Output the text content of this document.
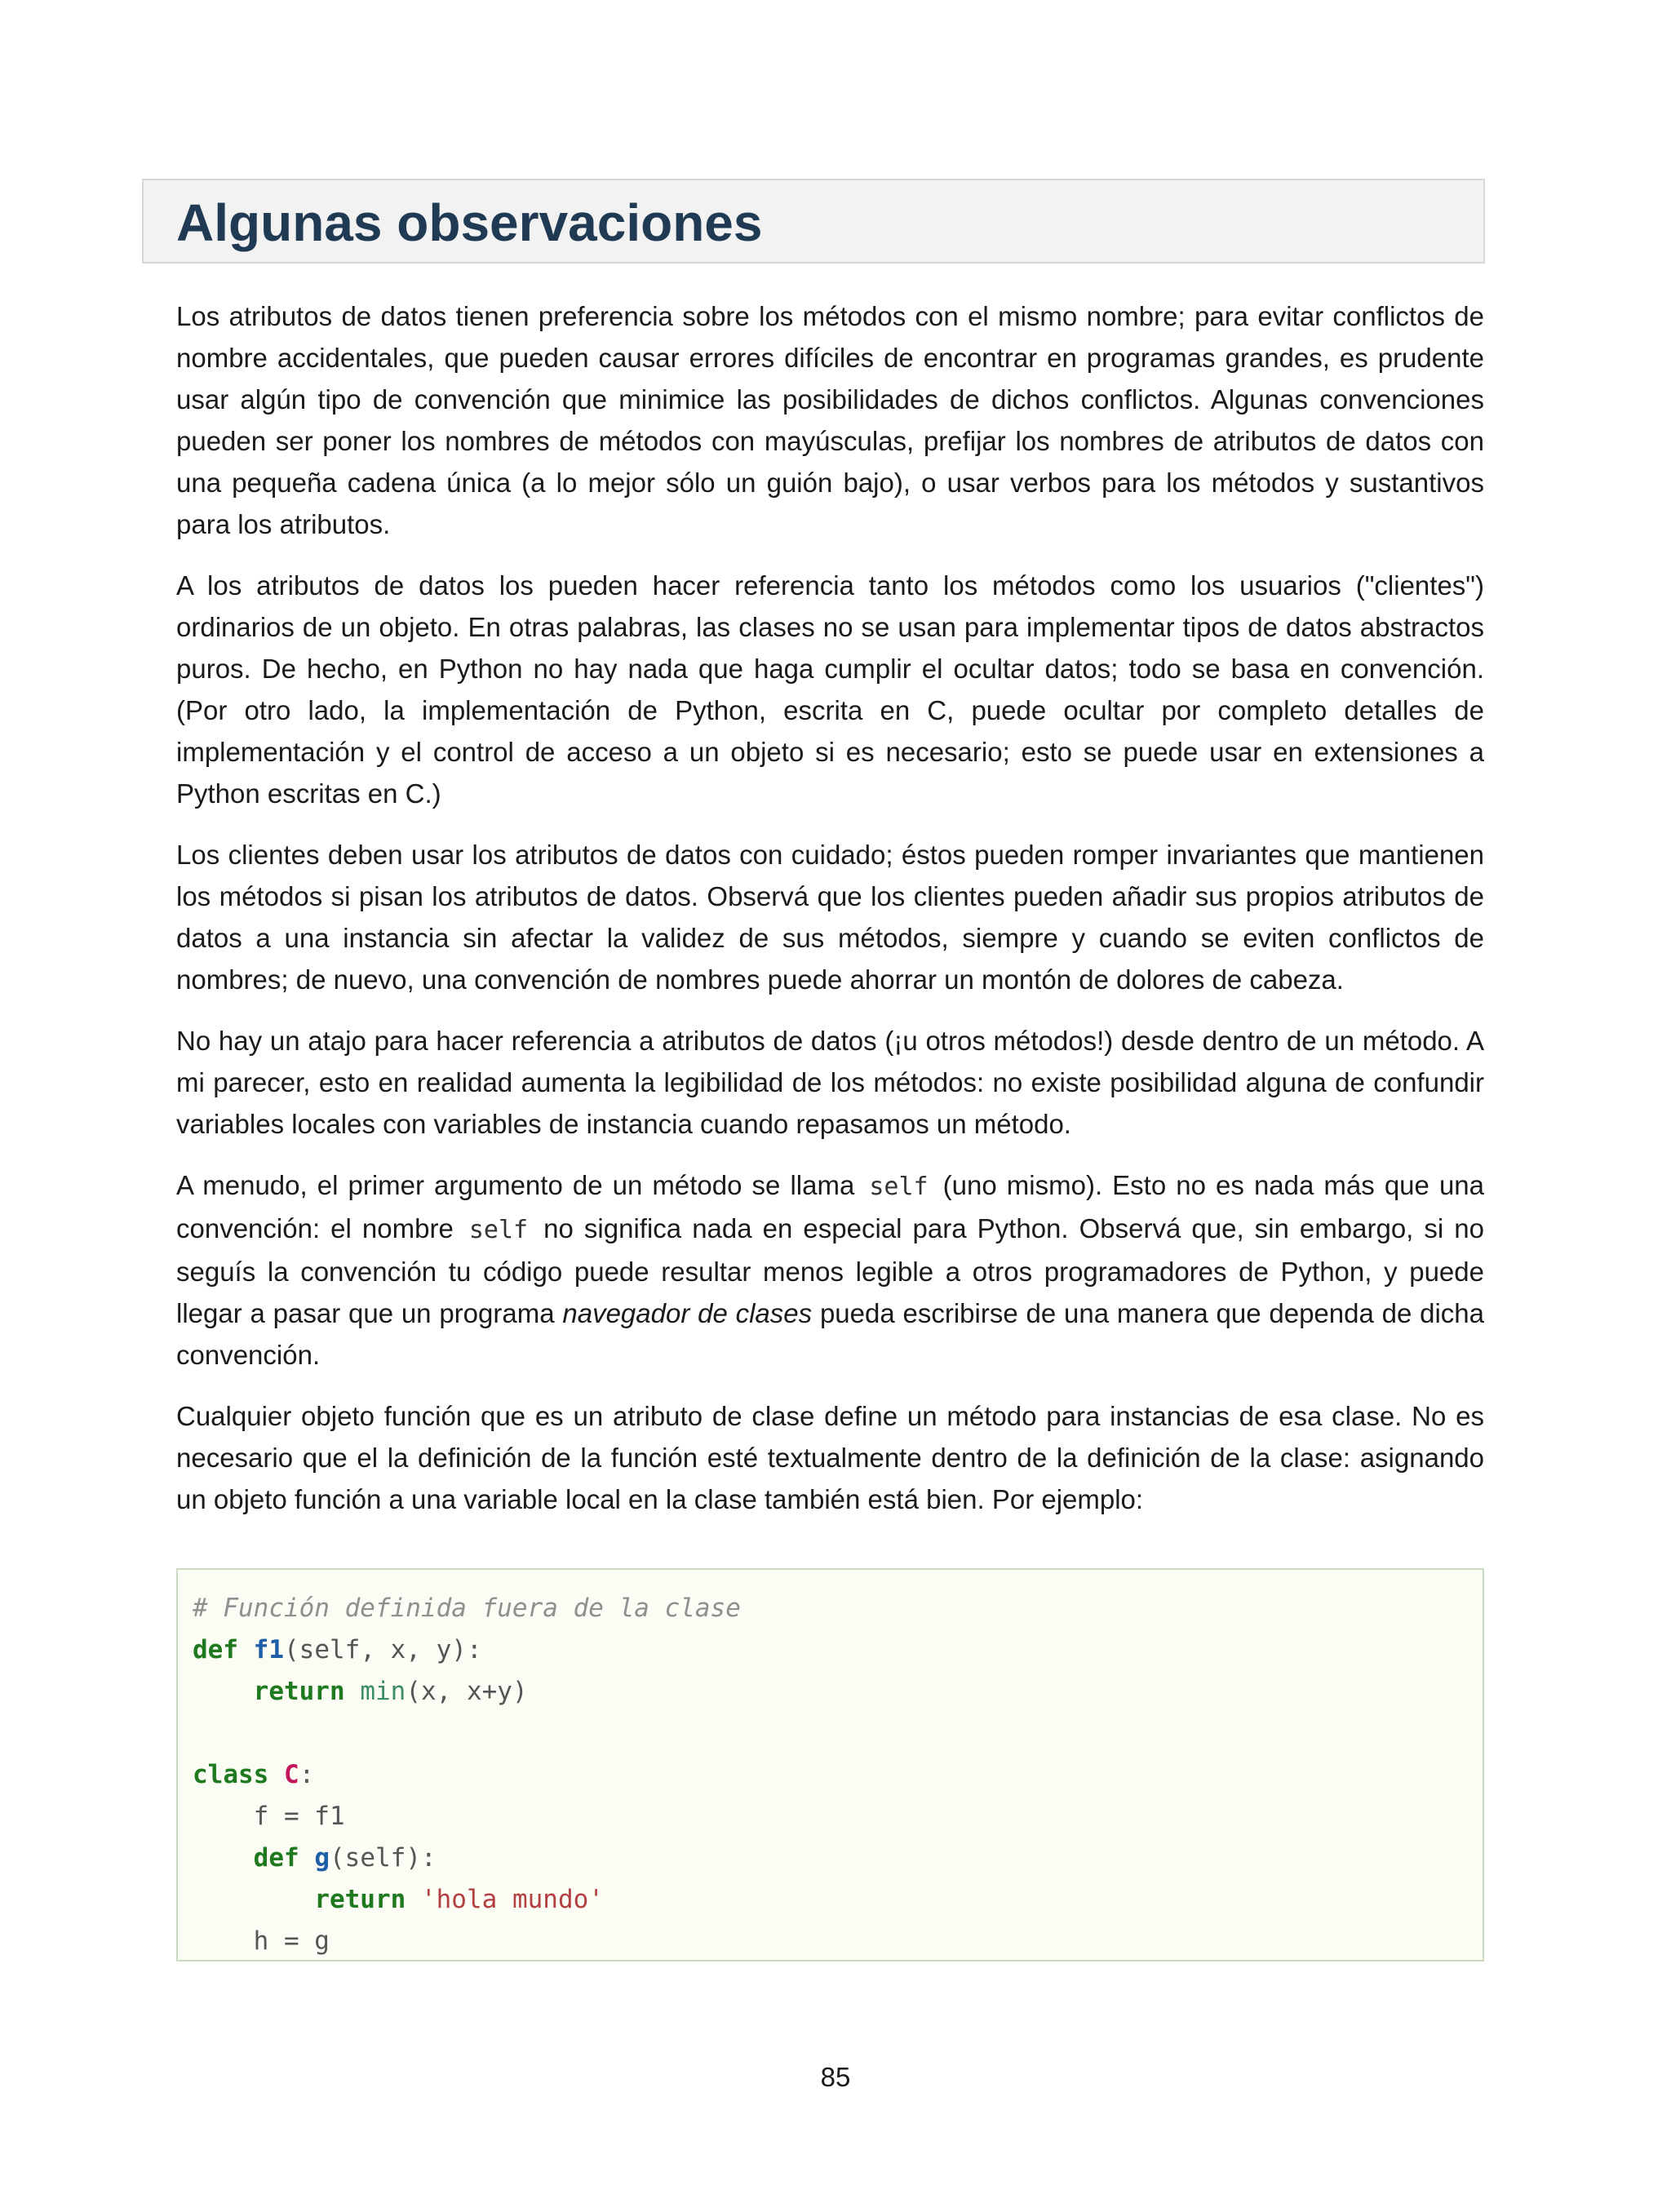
Algunas observaciones

Los atributos de datos tienen preferencia sobre los métodos con el mismo nombre; para evitar conflictos de nombre accidentales, que pueden causar errores difíciles de encontrar en programas grandes, es prudente usar algún tipo de convención que minimice las posibilidades de dichos conflictos. Algunas convenciones pueden ser poner los nombres de métodos con mayúsculas, prefijar los nombres de atributos de datos con una pequeña cadena única (a lo mejor sólo un guión bajo), o usar verbos para los métodos y sustantivos para los atributos.

A los atributos de datos los pueden hacer referencia tanto los métodos como los usuarios ("clientes") ordinarios de un objeto. En otras palabras, las clases no se usan para implementar tipos de datos abstractos puros. De hecho, en Python no hay nada que haga cumplir el ocultar datos; todo se basa en convención. (Por otro lado, la implementación de Python, escrita en C, puede ocultar por completo detalles de implementación y el control de acceso a un objeto si es necesario; esto se puede usar en extensiones a Python escritas en C.)

Los clientes deben usar los atributos de datos con cuidado; éstos pueden romper invariantes que mantienen los métodos si pisan los atributos de datos. Observá que los clientes pueden añadir sus propios atributos de datos a una instancia sin afectar la validez de sus métodos, siempre y cuando se eviten conflictos de nombres; de nuevo, una convención de nombres puede ahorrar un montón de dolores de cabeza.

No hay un atajo para hacer referencia a atributos de datos (¡u otros métodos!) desde dentro de un método. A mi parecer, esto en realidad aumenta la legibilidad de los métodos: no existe posibilidad alguna de confundir variables locales con variables de instancia cuando repasamos un método.

A menudo, el primer argumento de un método se llama self (uno mismo). Esto no es nada más que una convención: el nombre self no significa nada en especial para Python. Observá que, sin embargo, si no seguís la convención tu código puede resultar menos legible a otros programadores de Python, y puede llegar a pasar que un programa navegador de clases pueda escribirse de una manera que dependa de dicha convención.

Cualquier objeto función que es un atributo de clase define un método para instancias de esa clase. No es necesario que el la definición de la función esté textualmente dentro de la definición de la clase: asignando un objeto función a una variable local en la clase también está bien. Por ejemplo:

# Función definida fuera de la clase
def f1(self, x, y):
return min(x, x+y)

class C:
f = f1
def g(self):
return 'hola mundo'
h = g
85
